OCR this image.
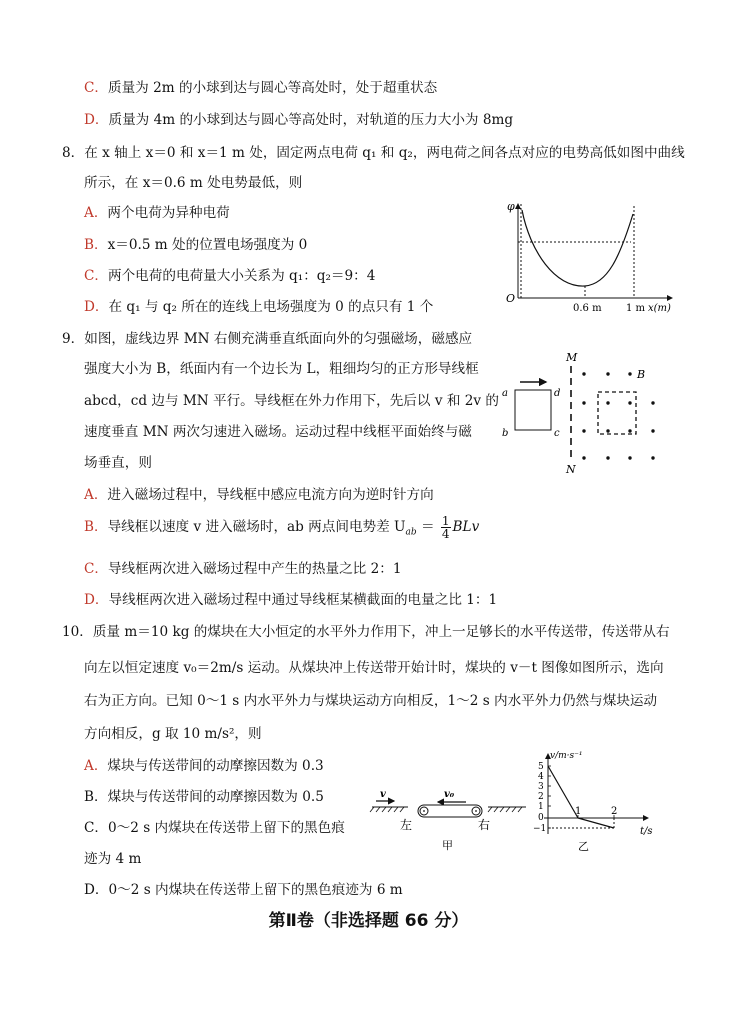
C．质量为 2m 的小球到达与圆心等高处时，处于超重状态
D．质量为 4m 的小球到达与圆心等高处时，对轨道的压力大小为 8mg
8．在 x 轴上 x＝0 和 x＝1 m 处，固定两点电荷 q₁ 和 q₂，两电荷之间各点对应的电势高低如图中曲线
所示，在 x＝0.6 m 处电势最低，则
A．两个电荷为异种电荷
B．x＝0.5 m 处的位置电场强度为 0
C．两个电荷的电荷量大小关系为 q₁：q₂＝9：4
D．在 q₁ 与 q₂ 所在的连线上电场强度为 0 的点只有 1 个
φ
O
0.6 m 1 m x(m)
9．如图，虚线边界 MN 右侧充满垂直纸面向外的匀强磁场，磁感应
强度大小为 B，纸面内有一个边长为 L，粗细均匀的正方形导线框
abcd，cd 边与 MN 平行。导线框在外力作用下，先后以 v 和 2v 的
速度垂直 MN 两次匀速进入磁场。运动过程中线框平面始终与磁
场垂直，则
A．进入磁场过程中，导线框中感应电流方向为逆时针方向
B．导线框以速度 v 进入磁场时，ab 两点间电势差 $U_{ab} = \frac{1}{4}$ BLv
C．导线框两次进入磁场过程中产生的热量之比 2：1
D．导线框两次进入磁场过程中通过导线框某横截面的电量之比 1：1
M
N
a
b	c
d
B
10．质量 m＝10 kg 的煤块在大小恒定的水平外力作用下，冲上一足够长的水平传送带，传送带从右
向左以恒定速度 v₀＝2m/s 运动。从煤块冲上传送带开始计时，煤块的 v－t 图像如图所示，选向
右为正方向。已知 0～1 s 内水平外力与煤块运动方向相反，1～2 s 内水平外力仍然与煤块运动
方向相反，g 取 10 m/s²，则
A．煤块与传送带间的动摩擦因数为 0.3
B．煤块与传送带间的动摩擦因数为 0.5
C．0～2 s 内煤块在传送带上留下的黑色痕
迹为 4 m
D．0～2 s 内煤块在传送带上留下的黑色痕迹为 6 m
v	v₀
左	右
甲
v/m·s⁻¹
5
4
3
2
1
0
−1
1	2
t/s
乙
第Ⅱ卷（非选择题 66 分）
